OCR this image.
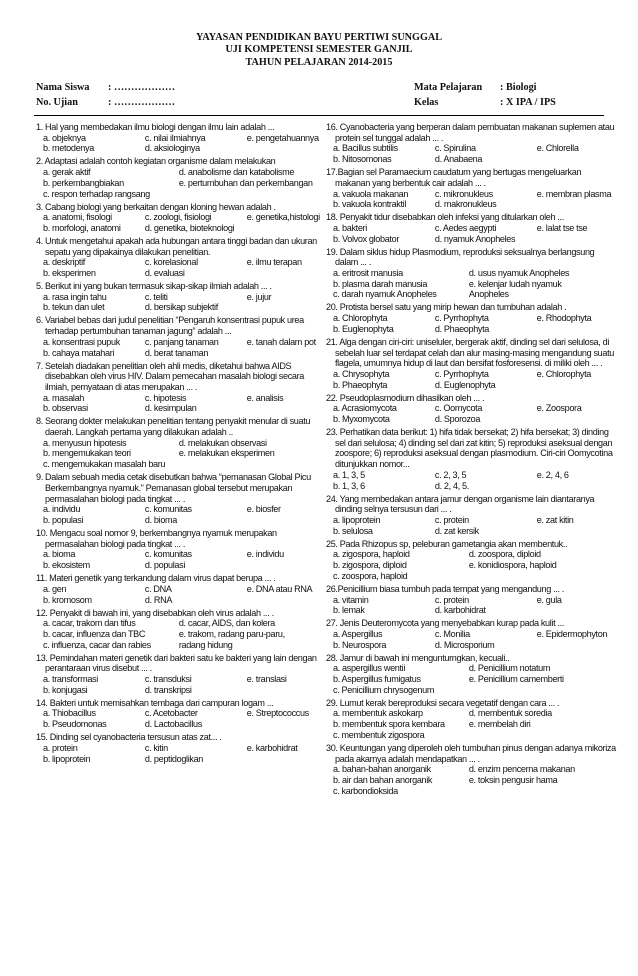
YAYASAN PENDIDIKAN BAYU PERTIWI SUNGGAL
UJI KOMPETENSI SEMESTER GANJIL
TAHUN PELAJARAN 2014-2015
Nama Siswa	: ………………
No. Ujian	: ………………
Mata Pelajaran	: Biologi
Kelas	: X IPA / IPS
1. Hal yang membedakan ilmu biologi dengan ilmu lain adalah ...
a. objeknya	c. nilai ilmiahnya	e. pengetahuannya
b. metodenya	d. aksiologinya
2. Adaptasi adalah contoh kegiatan organisme dalam melakukan
a. gerak aktif	d. anabolisme dan katabolisme
b. perkembangbiakan	e. pertumbuhan dan perkembangan
c. respon terhadap rangsang
3. Cabang biologi yang berkaitan dengan kloning hewan adalah .
a. anatomi, fisologi	c. zoologi, fisiologi	e. genetika,histologi
b. morfologi, anatomi	d. genetika, bioteknologi
4. Untuk mengetahui apakah ada hubungan antara tinggi badan dan ukuran sepatu yang dipakainya dilakukan penelitian.
a. deskriptif	c. korelasional	e. ilmu terapan
b. eksperimen	d. evaluasi
5. Berikut ini yang bukan termasuk sikap-sikap ilmiah adalah ... .
a. rasa ingin tahu	c. teliti	e. jujur
b. tekun dan ulet	d. bersikap subjektif
6. Variabel bebas dari judul penelitian “Pengaruh konsentrasi pupuk urea terhadap pertumbuhan tanaman jagung” adalah ...
a. konsentrasi pupuk	c. panjang tanaman	e. tanah dalam pot
b. cahaya matahari	d. berat tanaman
7. Setelah diadakan penelitian oleh ahli medis, diketahui bahwa AIDS disebabkan oleh virus HIV. Dalam pemecahan masalah biologi secara ilmiah, pernyataan di atas merupakan ... .
a. masalah	c. hipotesis	e. analisis
b. observasi	d. kesimpulan
8. Seorang dokter melakukan penelitian tentang penyakit menular di suatu daerah. Langkah pertama yang dilakukan adalah ..
a. menyusun hipotesis	d. melakukan observasi
b. mengemukakan teori	e. melakukan eksperimen
c. mengemukakan masalah baru
9. Dalam sebuah media cetak disebutkan bahwa “pemanasan Global Picu Berkembangnya nyamuk.” Pemanasan global tersebut merupakan permasalahan biologi pada tingkat ... .
a. individu	c. komunitas	e. biosfer
b. populasi	d. bioma
10. Mengacu soal nomor 9, berkembangnya nyamuk merupakan permasalahan biologi pada tingkat ... .
a. bioma	c. komunitas	e. individu
b. ekosistem	d. populasi
11. Materi genetik yang terkandung dalam virus dapat berupa ... .
a. gen	c. DNA	e. DNA atau RNA
b. kromosom	d. RNA
12. Penyakit di bawah ini, yang disebabkan oleh virus adalah ... .
a. cacar, trakom dan tifus	d. cacar, AIDS, dan kolera
b. cacar, influenza dan TBC	e. trakom, radang paru-paru,
c. influenza, cacar dan rabies	radang hidung
13. Pemindahan materi genetik dari bakteri satu ke bakteri yang lain dengan perantaraan virus disebut ... .
a. transformasi	c. transduksi	e. translasi
b. konjugasi	d. transkripsi
14. Bakteri untuk memisahkan tembaga dari campuran logam ...
a. Thiobacillus	c. Acetobacter	e. Streptococcus
b. Pseudomonas	d. Lactobacillus
15. Dinding sel cyanobacteria tersusun atas zat... .
a. protein	c. kitin	e. karbohidrat
b. lipoprotein	d. peptidoglikan
16. Cyanobacteria yang berperan dalam pembuatan makanan suplemen atau protein sel tunggal adalah ... .
a. Bacillus subtilis	c. Spirulina	e. Chlorella
b. Nitosomonas	d. Anabaena
17.Bagian sel Paramaecium caudatum yang bertugas mengeluarkan makanan yang berbentuk cair adalah ... .
a. vakuola makanan	c. mikronukleus	e. membran plasma
b. vakuola kontraktil	d. makronukleus
18. Penyakit tidur disebabkan oleh infeksi yang ditularkan oleh ...
a. bakteri	c. Aedes aegypti	e. lalat tse tse
b. Volvox globator	d. nyamuk Anopheles
19. Dalam siklus hidup Plasmodium, reproduksi seksualnya berlangsung dalam ... .
a. eritrosit manusia	d. usus nyamuk Anopheles
b. plasma darah manusia	e. kelenjar ludah nyamuk
c. darah nyamuk Anopheles	Anopheles
20. Protista bersel satu yang mirip hewan dan tumbuhan adalah .
a. Chlorophyta	c. Pyrrhophyta	e. Rhodophyta
b. Euglenophyta	d. Phaeophyta
21. Alga dengan ciri-ciri: uniseluler, bergerak aktif, dinding sel dari selulosa, di sebelah luar sel terdapat celah dan alur masing-masing mengandung suatu flagela, umumnya hidup di laut dan bersifat fosforesensi. di miliki oleh ... .
a. Chrysophyta	c. Pyrrhophyta	e. Chlorophyta
b. Phaeophyta	d. Euglenophyta
22. Pseudoplasmodium dihasilkan oleh ... .
a. Acrasiomycota	c. Oomycota	e. Zoospora
b. Myxomycota	d. Sporozoa
23. Perhatikan data berikut: 1) hifa tidak bersekat; 2) hifa bersekat; 3) dinding sel dari selulosa; 4) dinding sel dari zat kitin; 5) reproduksi aseksual dengan zoospore; 6) reproduksi aseksual dengan plasmodium. Ciri-ciri Oomycotina ditunjukkan nomor...
a. 1, 3, 5	c. 2, 3, 5	e. 2, 4, 6
b. 1, 3, 6	d. 2, 4, 5.
24. Yang membedakan antara jamur dengan organisme lain diantaranya dinding selnya tersusun dari ... .
a. lipoprotein	c. protein	e. zat kitin
b. selulosa	d. zat kersik
25. Pada Rhizopus sp, peleburan gametangia akan membentuk..
a. zigospora, haploid	d. zoospora, diploid
b. zigospora, diploid	e. konidiospora, haploid
c. zoospora, haploid
26.Penicillium biasa tumbuh pada tempat yang mengandung ... .
a. vitamin	c. protein	e. gula
b. lemak	d. karbohidrat
27. Jenis Deuteromycota yang menyebabkan kurap pada kulit ...
a. Aspergillus	c. Monilia	e. Epidermophyton
b. Neurospora	d. Microsporium
28. Jamur di bawah ini mengunturngkan, kecuali..
a. aspergillus wentii	d. Penicillium notatum
b. Aspergillus fumigatus	e. Penicillium camemberti
c. Penicillium chrysogenum
29. Lumut kerak bereproduksi secara vegetatif dengan cara ... .
a. membentuk askokarp	d. membentuk soredia
b. membentuk spora kembara	e. membelah diri
c. membentuk zigospora
30. Keuntungan yang diperoleh oleh tumbuhan pinus dengan adanya mikoriza pada akarnya adalah mendapatkan ... .
a. bahan-bahan anorganik	d. enzim pencerna makanan
b. air dan bahan anorganik	e. toksin pengusir hama
c. karbondioksida
